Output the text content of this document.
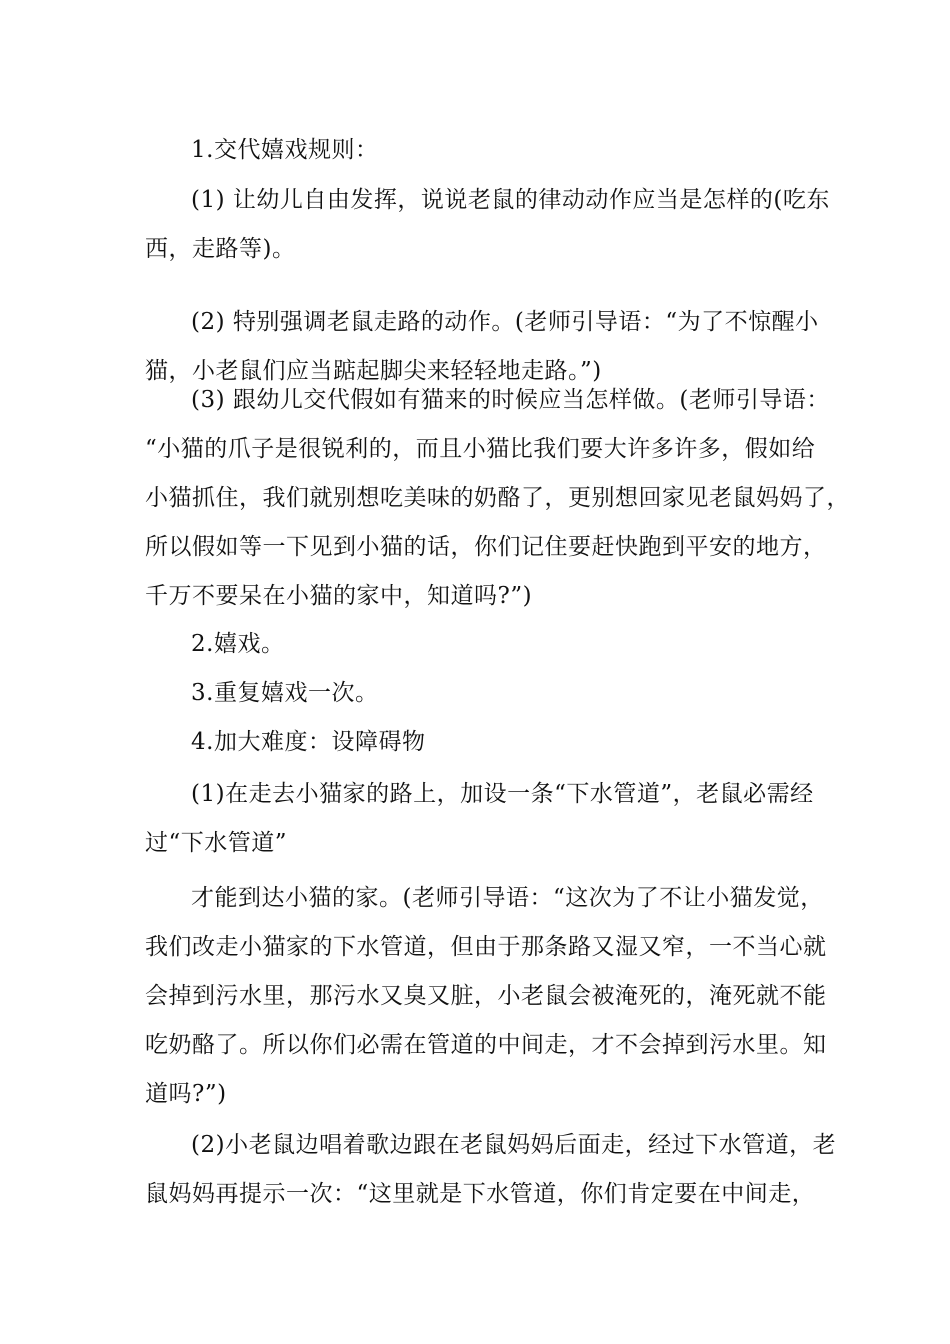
1.交代嬉戏规则：
(1) 让幼儿自由发挥，说说老鼠的律动动作应当是怎样的(吃东
西，走路等)。
(2) 特别强调老鼠走路的动作。(老师引导语：“为了不惊醒小
猫，小老鼠们应当踮起脚尖来轻轻地走路。”)
(3) 跟幼儿交代假如有猫来的时候应当怎样做。(老师引导语：
“小猫的爪子是很锐利的，而且小猫比我们要大许多许多，假如给
小猫抓住，我们就别想吃美味的奶酪了，更别想回家见老鼠妈妈了，
所以假如等一下见到小猫的话，你们记住要赶快跑到平安的地方，
千万不要呆在小猫的家中，知道吗?”)
2.嬉戏。
3.重复嬉戏一次。
4.加大难度：设障碍物
(1)在走去小猫家的路上，加设一条“下水管道”，老鼠必需经
过“下水管道”
才能到达小猫的家。(老师引导语：“这次为了不让小猫发觉，
我们改走小猫家的下水管道，但由于那条路又湿又窄，一不当心就
会掉到污水里，那污水又臭又脏，小老鼠会被淹死的，淹死就不能
吃奶酪了。所以你们必需在管道的中间走，才不会掉到污水里。知
道吗?”)
(2)小老鼠边唱着歌边跟在老鼠妈妈后面走，经过下水管道，老
鼠妈妈再提示一次：“这里就是下水管道，你们肯定要在中间走，
